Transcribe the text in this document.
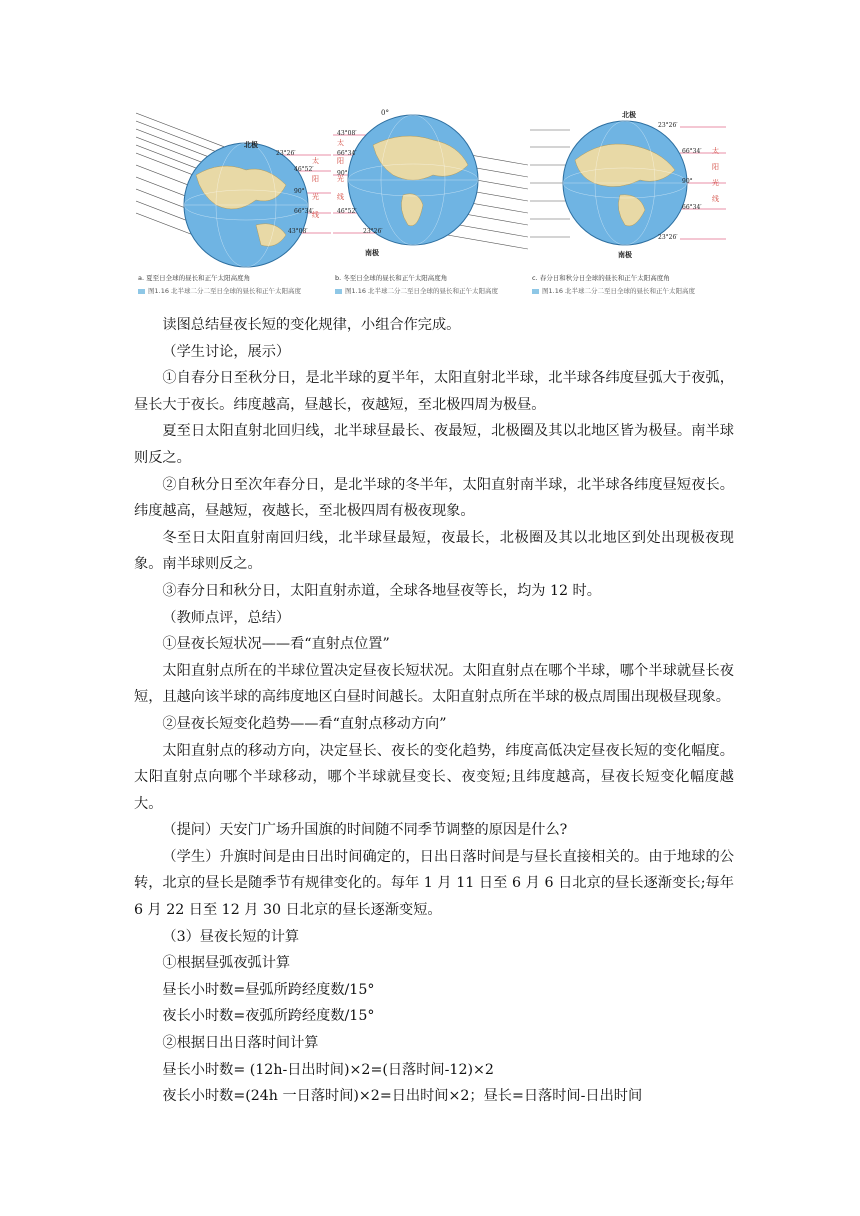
北极
23°26′
46°52′
90°
66°34′
43°08′
太阳光线
a. 夏至日全球的昼长和正午太阳高度角
图1.16 北半球二分二至日全球的昼长和正午太阳高度
0°
南极
43°08′
66°34′
90°
46°52′
23°26′
太阳光线
b. 冬至日全球的昼长和正午太阳高度角
图1.16 北半球二分二至日全球的昼长和正午太阳高度
北极
南极
23°26′
66°34′
90°
66°34′
23°26′
太阳光线
c. 春分日和秋分日全球的昼长和正午太阳高度角
图1.16 北半球二分二至日全球的昼长和正午太阳高度

读图总结昼夜长短的变化规律，小组合作完成。

（学生讨论，展示）

①自春分日至秋分日，是北半球的夏半年，太阳直射北半球，北半球各纬度昼弧大于夜弧，昼长大于夜长。纬度越高，昼越长，夜越短，至北极四周为极昼。

夏至日太阳直射北回归线，北半球昼最长、夜最短，北极圈及其以北地区皆为极昼。南半球则反之。

②自秋分日至次年春分日，是北半球的冬半年，太阳直射南半球，北半球各纬度昼短夜长。纬度越高，昼越短，夜越长，至北极四周有极夜现象。

冬至日太阳直射南回归线，北半球昼最短，夜最长，北极圈及其以北地区到处出现极夜现象。南半球则反之。

③春分日和秋分日，太阳直射赤道，全球各地昼夜等长，均为 12 时。

（教师点评，总结）

①昼夜长短状况——看“直射点位置”

太阳直射点所在的半球位置决定昼夜长短状况。太阳直射点在哪个半球，哪个半球就昼长夜短，且越向该半球的高纬度地区白昼时间越长。太阳直射点所在半球的极点周围出现极昼现象。

②昼夜长短变化趋势——看“直射点移动方向”

太阳直射点的移动方向，决定昼长、夜长的变化趋势，纬度高低决定昼夜长短的变化幅度。太阳直射点向哪个半球移动，哪个半球就昼变长、夜变短;且纬度越高，昼夜长短变化幅度越大。

（提问）天安门广场升国旗的时间随不同季节调整的原因是什么?

（学生）升旗时间是由日出时间确定的，日出日落时间是与昼长直接相关的。由于地球的公转，北京的昼长是随季节有规律变化的。每年 1 月 11 日至 6 月 6 日北京的昼长逐渐变长;每年 6 月 22 日至 12 月 30 日北京的昼长逐渐变短。

（3）昼夜长短的计算

①根据昼弧夜弧计算

昼长小时数=昼弧所跨经度数/15°

夜长小时数=夜弧所跨经度数/15°

②根据日出日落时间计算

昼长小时数= (12h-日出时间)×2=(日落时间-12)×2

夜长小时数=(24h 一日落时间)×2=日出时间×2；昼长=日落时间-日出时间
